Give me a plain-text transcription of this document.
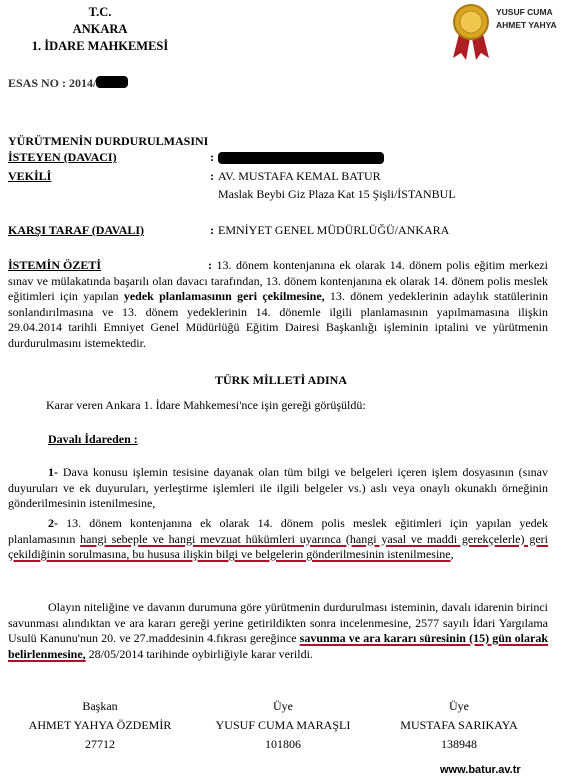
T.C.
ANKARA
1. İDARE MAHKEMESİ
YUSUF CUMA
AHMET YAHYA
ESAS NO : 2014/
YÜRÜTMENİN DURDURULMASINI
İSTEYEN (DAVACI)	:
VEKİLİ	: AV. MUSTAFA KEMAL BATUR
Maslak Beybi Giz Plaza Kat 15 Şişli/İSTANBUL
KARŞI TARAF (DAVALI)	: EMNİYET GENEL MÜDÜRLÜĞÜ/ANKARA
İSTEMİN ÖZETİ	: 13. dönem kontenjanına ek olarak 14. dönem polis eğitim merkezi sınav ve mülakatında başarılı olan davacı tarafından, 13. dönem kontenjanına ek olarak 14. dönem polis meslek eğitimleri için yapılan yedek planlamasının geri çekilmesine, 13. dönem yedeklerinin adaylık statülerinin sonlandırılmasına ve 13. dönem yedeklerinin 14. dönemle ilgili planlamasının yapılmamasına ilişkin 29.04.2014 tarihli Emniyet Genel Müdürlüğü Eğitim Dairesi Başkanlığı işleminin iptalini ve yürütmenin durdurulmasını istemektedir.
TÜRK MİLLETİ ADINA
Karar veren Ankara 1. İdare Mahkemesi'nce işin gereği görüşüldü:
Davalı İdareden :
1- Dava konusu işlemin tesisine dayanak olan tüm bilgi ve belgeleri içeren işlem dosyasının (sınav duyuruları ve ek duyuruları, yerleştirme işlemleri ile ilgili belgeler vs.) aslı veya onaylı okunaklı örneğinin gönderilmesinin istenilmesine,
2- 13. dönem kontenjanına ek olarak 14. dönem polis meslek eğitimleri için yapılan yedek planlamasının hangi sebeple ve hangi mevzuat hükümleri uyarınca (hangi yasal ve maddi gerekçelerle) geri çekildiğinin sorulmasına, bu hususa ilişkin bilgi ve belgelerin gönderilmesinin istenilmesine,
Olayın niteliğine ve davanın durumuna göre yürütmenin durdurulması isteminin, davalı idarenin birinci savunması alındıktan ve ara kararı gereği yerine getirildikten sonra incelenmesine, 2577 sayılı İdari Yargılama Usulü Kanunu'nun 20. ve 27.maddesinin 4.fıkrası gereğince savunma ve ara kararı süresinin (15) gün olarak belirlenmesine, 28/05/2014 tarihinde oybirliğiyle karar verildi.
Başkan
AHMET YAHYA ÖZDEMİR
27712
Üye
YUSUF CUMA MARAŞLI
101806
Üye
MUSTAFA SARIKAYA
138948
www.batur.av.tr
